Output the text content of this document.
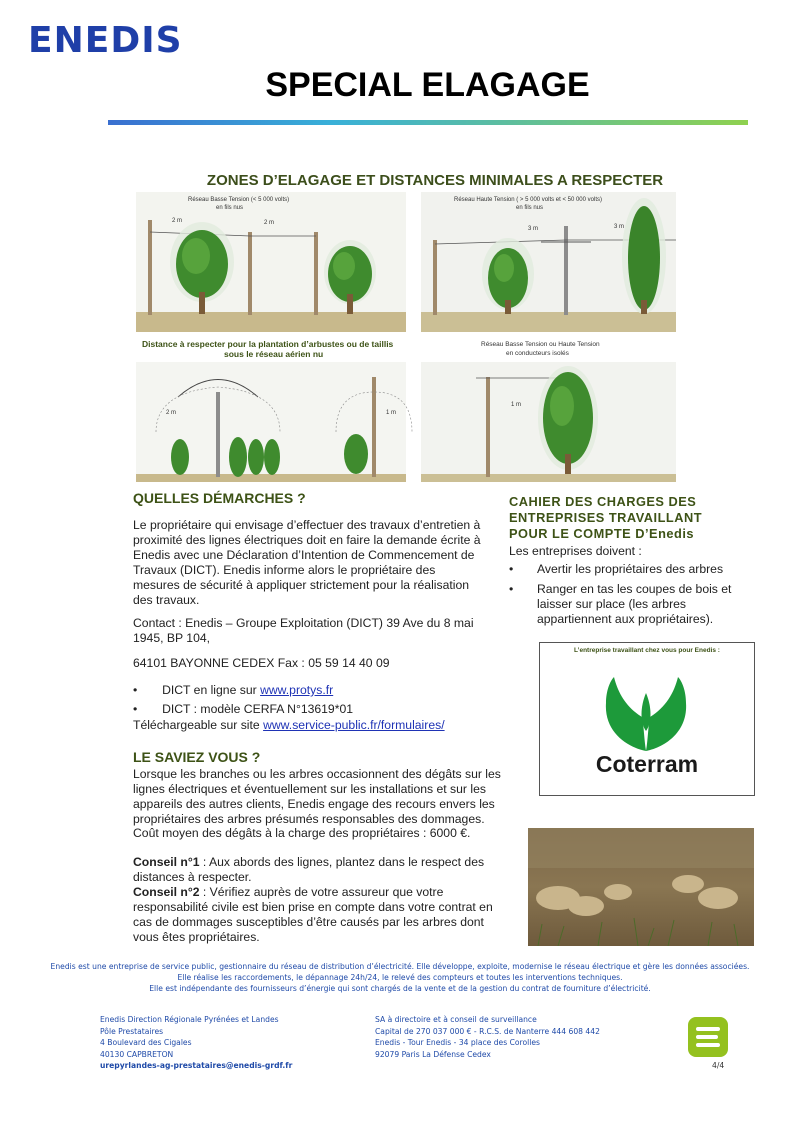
ENEDIS
SPECIAL ELAGAGE
ZONES D’ELAGAGE ET DISTANCES MINIMALES A RESPECTER
Réseau Basse Tension (< 5 000 volts)
en fils nus
Réseau Haute Tension ( > 5 000 volts et < 50 000 volts)
en fils nus
2 m	2 m
3 m	3 m
Distance à respecter pour la plantation d’arbustes ou de taillis
sous le réseau aérien nu
Réseau Basse Tension ou Haute Tension
en conducteurs isolés
2 m	1 m
1 m
QUELLES DÉMARCHES ?
Le propriétaire qui envisage d’effectuer des travaux d’entretien à proximité des lignes électriques doit en faire la demande écrite à Enedis avec une Déclaration d’Intention de Commencement de Travaux (DICT). Enedis informe alors le propriétaire des mesures de sécurité à appliquer strictement pour la réalisation des travaux.
Contact : Enedis – Groupe Exploitation (DICT) 39 Ave du 8 mai 1945, BP 104,
64101 BAYONNE CEDEX Fax : 05 59 14 40 09
• DICT en ligne sur www.protys.fr
• DICT : modèle CERFA N°13619*01
Téléchargeable sur site www.service-public.fr/formulaires/
LE SAVIEZ VOUS ?
Lorsque les branches ou les arbres occasionnent des dégâts sur les lignes électriques et éventuellement sur les installations et sur les appareils des autres clients, Enedis engage des recours envers les propriétaires des arbres présumés responsables des dommages.
Coût moyen des dégâts à la charge des propriétaires : 6000 €.
Conseil n°1 : Aux abords des lignes, plantez dans le respect des distances à respecter.
Conseil n°2 : Vérifiez auprès de votre assureur que votre responsabilité civile est bien prise en compte dans votre contrat en cas de dommages susceptibles d’être causés par les arbres dont vous êtes propriétaires.
CAHIER DES CHARGES DES ENTREPRISES TRAVAILLANT POUR LE COMPTE D’Enedis
Les entreprises doivent :
• Avertir les propriétaires des arbres
• Ranger en tas les coupes de bois et laisser sur place (les arbres appartiennent aux propriétaires).
L’entreprise travaillant chez vous pour Enedis :
Coterram
Enedis est une entreprise de service public, gestionnaire du réseau de distribution d’électricité. Elle développe, exploite, modernise le réseau électrique et gère les données associées.
Elle réalise les raccordements, le dépannage 24h/24, le relevé des compteurs et toutes les interventions techniques.
Elle est indépendante des fournisseurs d’énergie qui sont chargés de la vente et de la gestion du contrat de fourniture d’électricité.
Enedis Direction Régionale Pyrénées et Landes
Pôle Prestataires
4 Boulevard des Cigales
40130 CAPBRETON
urepyrlandes-ag-prestataires@enedis-grdf.fr
SA à directoire et à conseil de surveillance
Capital de 270 037 000 € - R.C.S. de Nanterre 444 608 442
Enedis - Tour Enedis - 34 place des Corolles
92079 Paris La Défense Cedex
4/4
